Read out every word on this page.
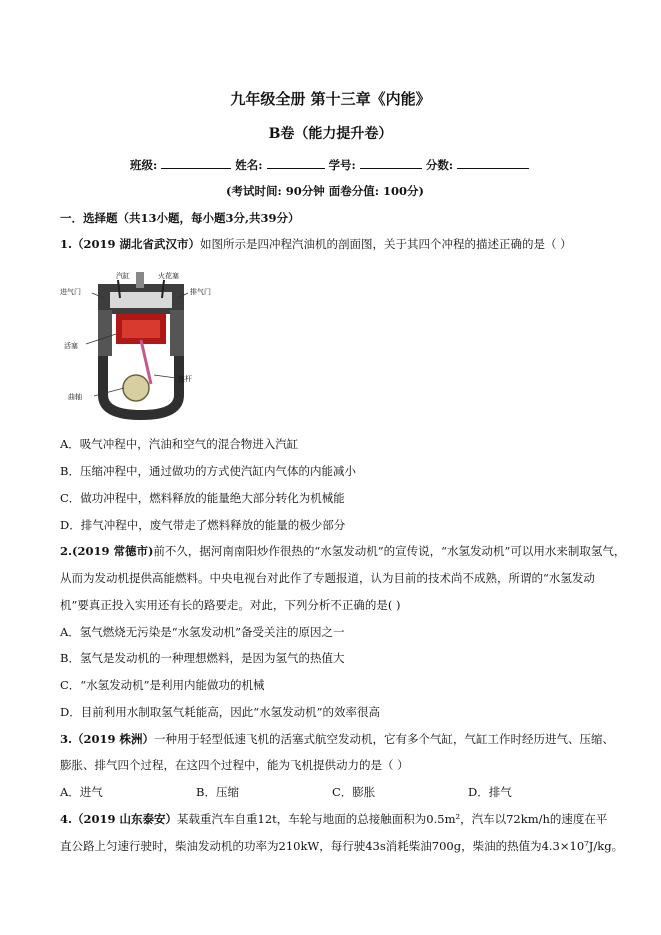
九年级全册 第十三章《内能》
B卷（能力提升卷）
班级:	姓名:	学号:	分数:
(考试时间: 90分钟 面卷分值: 100分)
一．选择题（共13小题，每小题3分,共39分）
1.（2019 湖北省武汉市）如图所示是四冲程汽油机的剖面图，关于其四个冲程的描述正确的是（ ）
汽缸	火花塞
进气门	排气门
活塞
连杆
曲轴
A．吸气冲程中，汽油和空气的混合物进入汽缸
B．压缩冲程中，通过做功的方式使汽缸内气体的内能减小
C．做功冲程中，燃料释放的能量绝大部分转化为机械能
D．排气冲程中，废气带走了燃料释放的能量的极少部分
2.(2019 常德市)前不久，据河南南阳炒作很热的“水氢发动机”的宣传说，“水氢发动机”可以用水来制取氢气，
从而为发动机提供高能燃料。中央电视台对此作了专题报道，认为目前的技术尚不成熟，所谓的“水氢发动
机”要真正投入实用还有长的路要走。对此，下列分析不正确的是( )
A．氢气燃烧无污染是“水氢发动机”备受关注的原因之一
B．氢气是发动机的一种理想燃料，是因为氢气的热值大
C．“水氢发动机”是利用内能做功的机械
D．目前利用水制取氢气耗能高，因此“水氢发动机”的效率很高
3.（2019 株洲）一种用于轻型低速飞机的活塞式航空发动机，它有多个气缸，气缸工作时经历进气、压缩、
膨胀、排气四个过程，在这四个过程中，能为飞机提供动力的是（ ）
A．进气	B．压缩	C．膨胀	D．排气
4.（2019 山东泰安）某载重汽车自重12t，车轮与地面的总接触面积为0.5m²，汽车以72km/h的速度在平
直公路上匀速行驶时，柴油发动机的功率为210kW，每行驶43s消耗柴油700g，柴油的热值为4.3×10⁷J/kg。
